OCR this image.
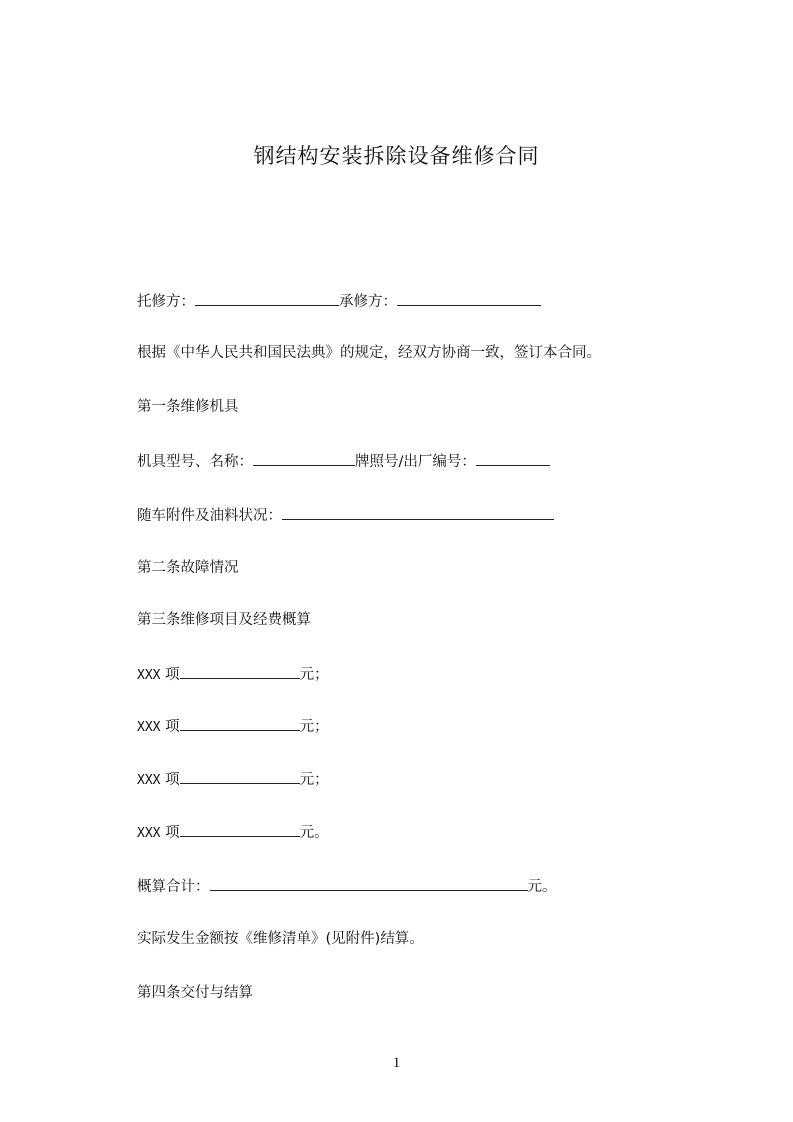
钢结构安装拆除设备维修合同
托修方：	承修方：
根据《中华人民共和国民法典》的规定，经双方协商一致，签订本合同。
第一条维修机具
机具型号、名称：	牌照号/出厂编号：
随车附件及油料状况：
第二条故障情况
第三条维修项目及经费概算
XXX 项	元；
XXX 项	元；
XXX 项	元；
XXX 项	元。
概算合计：	元。
实际发生金额按《维修清单》(见附件)结算。
第四条交付与结算
1
